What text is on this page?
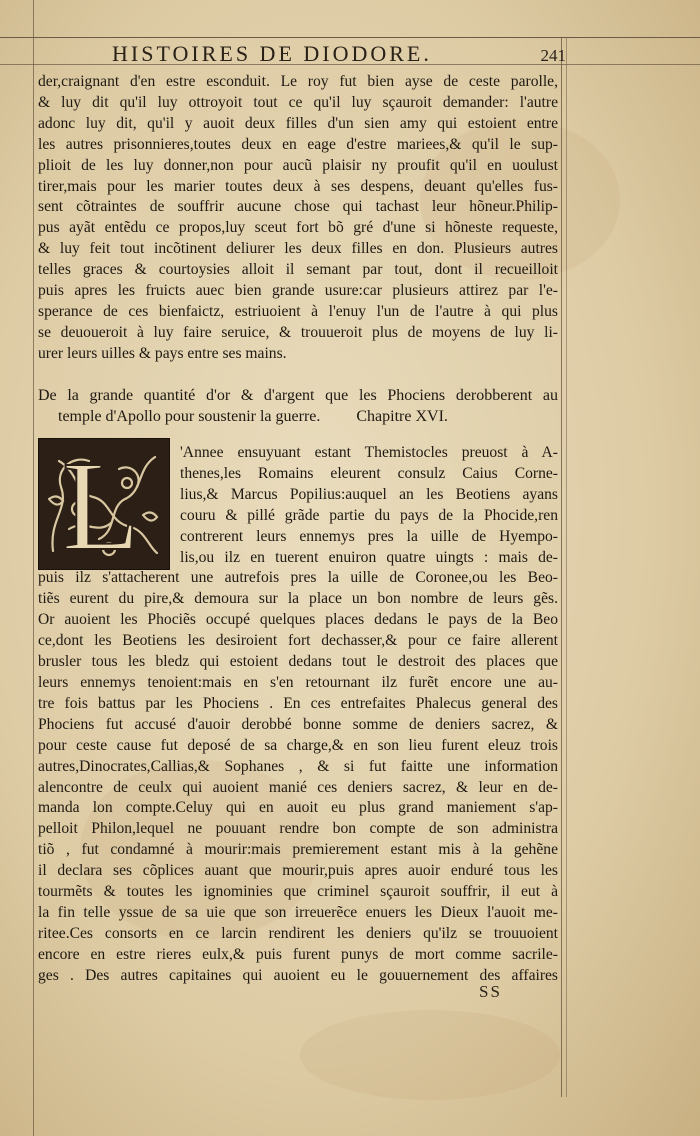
HISTOIRES DE DIODORE.	241
der,craignant d'en estre esconduit. Le roy fut bien ayse de ceste parolle,
& luy dit qu'il luy ottroyoit tout ce qu'il luy sçauroit demander: l'autre
adonc luy dit, qu'il y auoit deux filles d'un sien amy qui estoient entre
les autres prisonnieres,toutes deux en eage d'estre mariees,& qu'il le sup-
plioit de les luy donner,non pour aucũ plaisir ny proufit qu'il en uoulust
tirer,mais pour les marier toutes deux à ses despens, deuant qu'elles fus-
sent cõtraintes de souffrir aucune chose qui tachast leur hõneur.Philip-
pus ayãt entẽdu ce propos,luy sceut fort bõ gré d'une si hõneste requeste,
& luy feit tout incõtinent deliurer les deux filles en don. Plusieurs autres
telles graces & courtoysies alloit il semant par tout, dont il recueilloit
puis apres les fruicts auec bien grande usure:car plusieurs attirez par l'e-
sperance de ces bienfaictz, estriuoient à l'enuy l'un de l'autre à qui plus
se deuoueroit à luy faire seruice, & trouueroit plus de moyens de luy li-
urer leurs uilles & pays entre ses mains.
De la grande quantité d'or & d'argent que les Phociens derobberent au
temple d'Apollo pour soustenir la guerre. Chapitre XVI.
L	'Annee ensuyuant estant Themistocles preuost à A-
thenes,les Romains eleurent consulz Caius Corne-
lius,& Marcus Popilius:auquel an les Beotiens ayans
couru & pillé grãde partie du pays de la Phocide,ren
contrerent leurs ennemys pres la uille de Hyempo-
lis,ou ilz en tuerent enuiron quatre uingts : mais de-
puis ilz s'attacherent une autrefois pres la uille de Coronee,ou les Beo-
tiẽs eurent du pire,& demoura sur la place un bon nombre de leurs gẽs.
Or auoient les Phociẽs occupé quelques places dedans le pays de la Beo
ce,dont les Beotiens les desiroient fort dechasser,& pour ce faire allerent
brusler tous les bledz qui estoient dedans tout le destroit des places que
leurs ennemys tenoient:mais en s'en retournant ilz furẽt encore une au-
tre fois battus par les Phociens . En ces entrefaites Phalecus general des
Phociens fut accusé d'auoir derobbé bonne somme de deniers sacrez, &
pour ceste cause fut deposé de sa charge,& en son lieu furent eleuz trois
autres,Dinocrates,Callias,& Sophanes , & si fut faitte une information
alencontre de ceulx qui auoient manié ces deniers sacrez, & leur en de-
manda lon compte.Celuy qui en auoit eu plus grand maniement s'ap-
pelloit Philon,lequel ne pouuant rendre bon compte de son administra
tiõ , fut condamné à mourir:mais premierement estant mis à la gehẽne
il declara ses cõplices auant que mourir,puis apres auoir enduré tous les
tourmẽts & toutes les ignominies que criminel sçauroit souffrir, il eut à
la fin telle yssue de sa uie que son irreuerẽce enuers les Dieux l'auoit me-
ritee.Ces consorts en ce larcin rendirent les deniers qu'ilz se trouuoient
encore en estre rieres eulx,& puis furent punys de mort comme sacrile-
ges . Des autres capitaines qui auoient eu le gouuernement des affaires
SS
